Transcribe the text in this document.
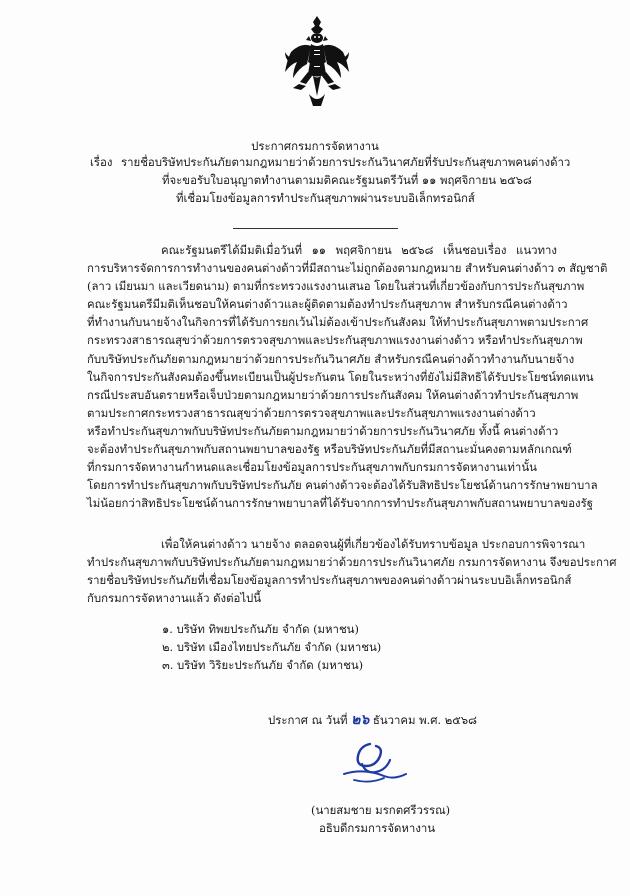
ประกาศกรมการจัดหางาน
เรื่อง รายชื่อบริษัทประกันภัยตามกฎหมายว่าด้วยการประกันวินาศภัยที่รับประกันสุขภาพคนต่างด้าว
ที่จะขอรับใบอนุญาตทำงานตามมติคณะรัฐมนตรีวันที่ ๑๑ พฤศจิกายน ๒๕๖๘
ที่เชื่อมโยงข้อมูลการทำประกันสุขภาพผ่านระบบอิเล็กทรอนิกส์
คณะรัฐมนตรีได้มีมติเมื่อวันที่ ๑๑ พฤศจิกายน ๒๕๖๘ เห็นชอบเรื่อง แนวทาง
การบริหารจัดการการทำงานของคนต่างด้าวที่มีสถานะไม่ถูกต้องตามกฎหมาย สำหรับคนต่างด้าว ๓ สัญชาติ
(ลาว เมียนมา และเวียดนาม) ตามที่กระทรวงแรงงานเสนอ โดยในส่วนที่เกี่ยวข้องกับการประกันสุขภาพ
คณะรัฐมนตรีมีมติเห็นชอบให้คนต่างด้าวและผู้ติดตามต้องทำประกันสุขภาพ สำหรับกรณีคนต่างด้าว
ที่ทำงานกับนายจ้างในกิจการที่ได้รับการยกเว้นไม่ต้องเข้าประกันสังคม ให้ทำประกันสุขภาพตามประกาศ
กระทรวงสาธารณสุขว่าด้วยการตรวจสุขภาพและประกันสุขภาพแรงงานต่างด้าว หรือทำประกันสุขภาพ
กับบริษัทประกันภัยตามกฎหมายว่าด้วยการประกันวินาศภัย สำหรับกรณีคนต่างด้าวทำงานกับนายจ้าง
ในกิจการประกันสังคมต้องขึ้นทะเบียนเป็นผู้ประกันตน โดยในระหว่างที่ยังไม่มีสิทธิได้รับประโยชน์ทดแทน
กรณีประสบอันตรายหรือเจ็บป่วยตามกฎหมายว่าด้วยการประกันสังคม ให้คนต่างด้าวทำประกันสุขภาพ
ตามประกาศกระทรวงสาธารณสุขว่าด้วยการตรวจสุขภาพและประกันสุขภาพแรงงานต่างด้าว
หรือทำประกันสุขภาพกับบริษัทประกันภัยตามกฎหมายว่าด้วยการประกันวินาศภัย ทั้งนี้ คนต่างด้าว
จะต้องทำประกันสุขภาพกับสถานพยาบาลของรัฐ หรือบริษัทประกันภัยที่มีสถานะมั่นคงตามหลักเกณฑ์
ที่กรมการจัดหางานกำหนดและเชื่อมโยงข้อมูลการประกันสุขภาพกับกรมการจัดหางานเท่านั้น
โดยการทำประกันสุขภาพกับบริษัทประกันภัย คนต่างด้าวจะต้องได้รับสิทธิประโยชน์ด้านการรักษาพยาบาล
ไม่น้อยกว่าสิทธิประโยชน์ด้านการรักษาพยาบาลที่ได้รับจากการทำประกันสุขภาพกับสถานพยาบาลของรัฐ
เพื่อให้คนต่างด้าว นายจ้าง ตลอดจนผู้ที่เกี่ยวข้องได้รับทราบข้อมูล ประกอบการพิจารณา
ทำประกันสุขภาพกับบริษัทประกันภัยตามกฎหมายว่าด้วยการประกันวินาศภัย กรมการจัดหางาน จึงขอประกาศ
รายชื่อบริษัทประกันภัยที่เชื่อมโยงข้อมูลการทำประกันสุขภาพของคนต่างด้าวผ่านระบบอิเล็กทรอนิกส์
กับกรมการจัดหางานแล้ว ดังต่อไปนี้
๑. บริษัท ทิพยประกันภัย จำกัด (มหาชน)
๒. บริษัท เมืองไทยประกันภัย จำกัด (มหาชน)
๓. บริษัท วิริยะประกันภัย จำกัด (มหาชน)
ประกาศ ณ วันที่ ๒๖ ธันวาคม พ.ศ. ๒๕๖๘
(นายสมชาย มรกตศรีวรรณ)
อธิบดีกรมการจัดหางาน
